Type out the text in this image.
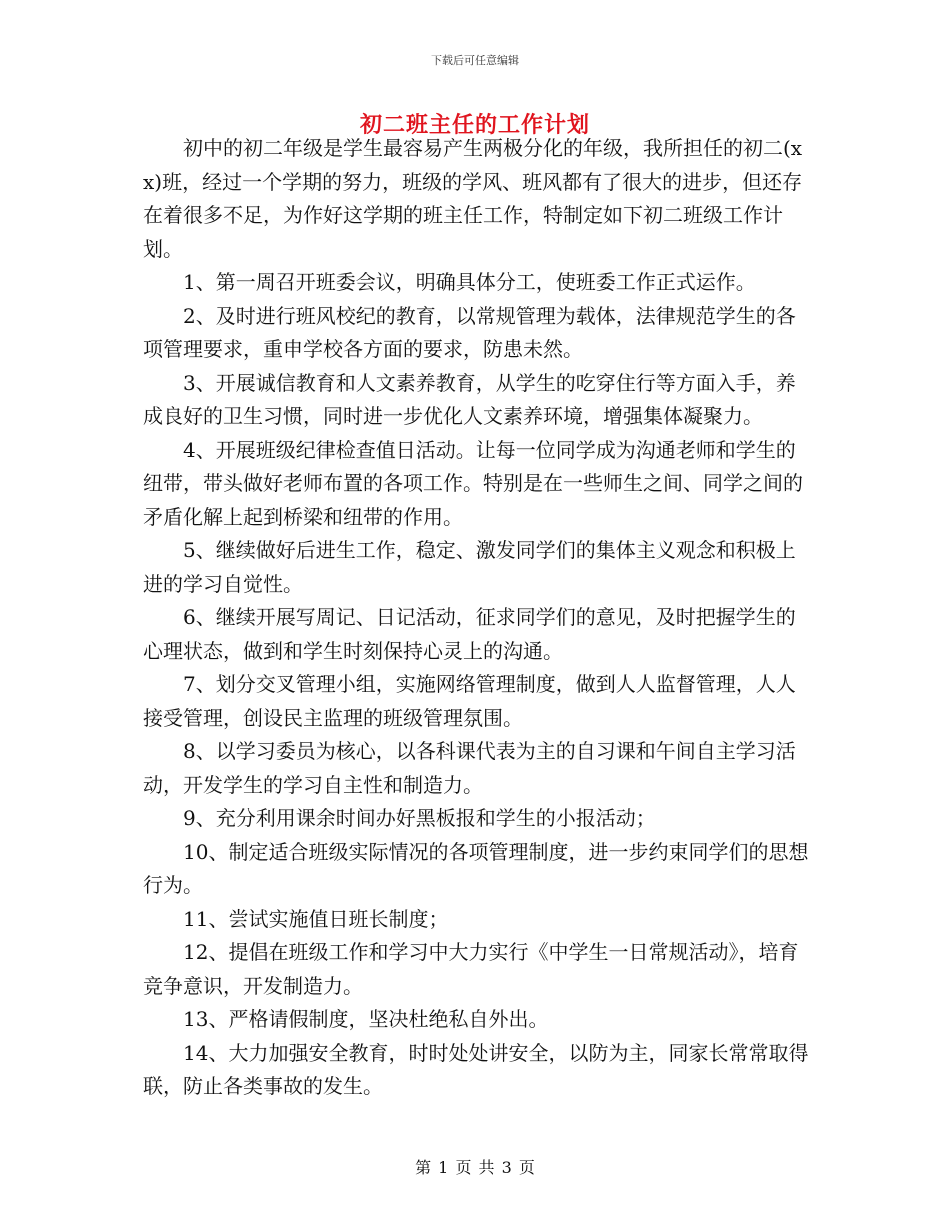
下载后可任意编辑
初二班主任的工作计划

初中的初二年级是学生最容易产生两极分化的年级，我所担任的初二(xx)班，经过一个学期的努力，班级的学风、班风都有了很大的进步，但还存在着很多不足，为作好这学期的班主任工作，特制定如下初二班级工作计划。

1、第一周召开班委会议，明确具体分工，使班委工作正式运作。

2、及时进行班风校纪的教育，以常规管理为载体，法律规范学生的各项管理要求，重申学校各方面的要求，防患未然。

3、开展诚信教育和人文素养教育，从学生的吃穿住行等方面入手，养成良好的卫生习惯，同时进一步优化人文素养环境，增强集体凝聚力。

4、开展班级纪律检查值日活动。让每一位同学成为沟通老师和学生的纽带，带头做好老师布置的各项工作。特别是在一些师生之间、同学之间的矛盾化解上起到桥梁和纽带的作用。

5、继续做好后进生工作，稳定、激发同学们的集体主义观念和积极上进的学习自觉性。

6、继续开展写周记、日记活动，征求同学们的意见，及时把握学生的心理状态，做到和学生时刻保持心灵上的沟通。

7、划分交叉管理小组，实施网络管理制度，做到人人监督管理，人人接受管理，创设民主监理的班级管理氛围。

8、以学习委员为核心，以各科课代表为主的自习课和午间自主学习活动，开发学生的学习自主性和制造力。

9、充分利用课余时间办好黑板报和学生的小报活动；

10、制定适合班级实际情况的各项管理制度，进一步约束同学们的思想行为。

11、尝试实施值日班长制度；

12、提倡在班级工作和学习中大力实行《中学生一日常规活动》，培育竞争意识，开发制造力。

13、严格请假制度，坚决杜绝私自外出。

14、大力加强安全教育，时时处处讲安全，以防为主，同家长常常取得联，防止各类事故的发生。

第 1 页 共 3 页
